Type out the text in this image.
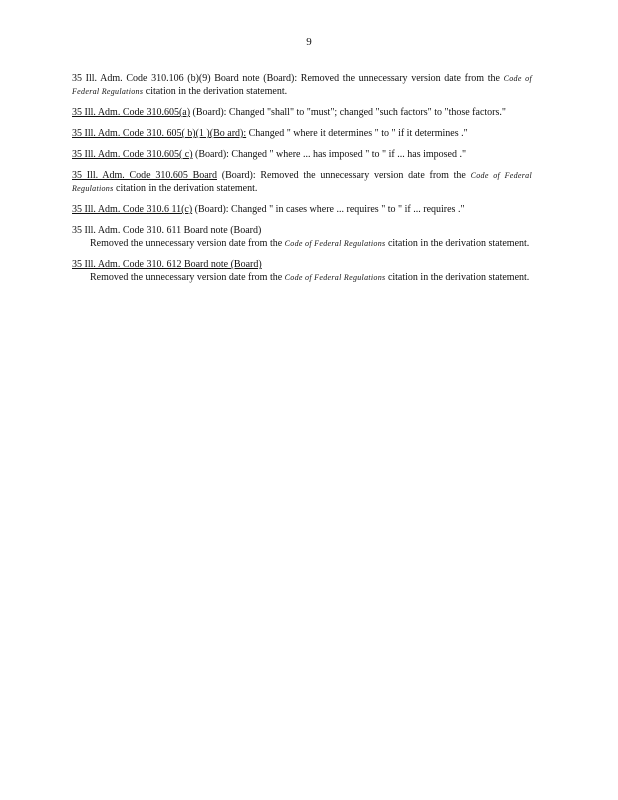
9
35 Ill. Adm. Code 310.106 (b)(9) Board note (Board): Removed the unnecessary version date from the Code of Federal Regulations citation in the derivation statement.
35 Ill. Adm. Code 310.605(a) (Board): Changed "shall" to "must"; changed "such factors" to "those factors."
35 Ill. Adm. Code 310. 605( b)(1 )(Bo ard): Changed " where it determines " to " if it determines ."
35 Ill. Adm. Code 310.605( c) (Board): Changed " where ... has imposed " to " if ... has imposed ."
35 Ill. Adm. Code 310.605 Board (Board): Removed the unnecessary version date from the Code of Federal Regulations citation in the derivation statement.
35 Ill. Adm. Code 310.6 11(c) (Board): Changed " in cases where ... requires " to " if ... requires ."
35 Ill. Adm. Code 310. 611 Board note (Board)
Removed the unnecessary version date from the Code of Federal Regulations citation in the derivation statement.
35 Ill. Adm. Code 310. 612 Board note (Board)
Removed the unnecessary version date from the Code of Federal Regulations citation in the derivation statement.
